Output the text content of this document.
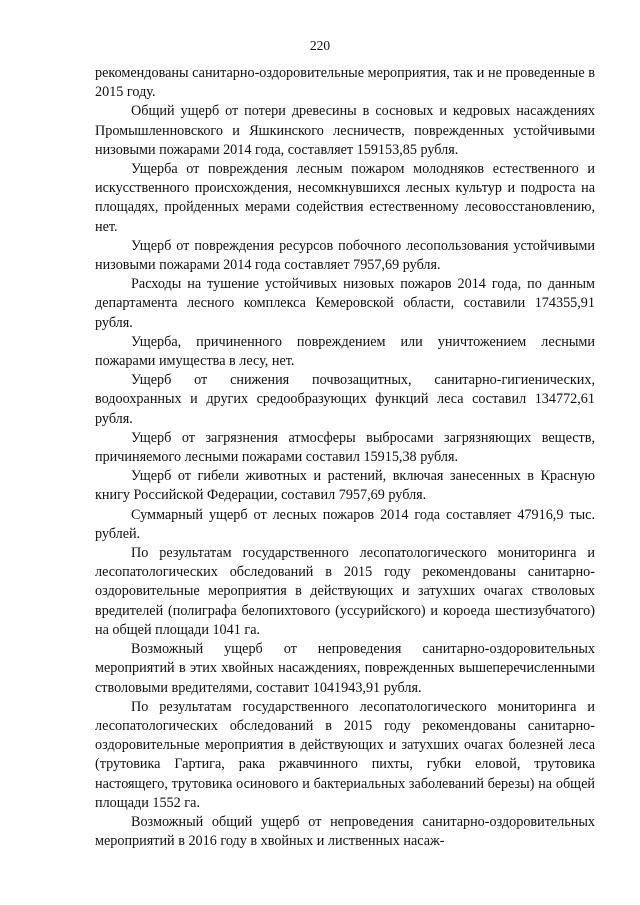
220

рекомендованы санитарно-оздоровительные мероприятия, так и не проведенные в 2015 году.

Общий ущерб от потери древесины в сосновых и кедровых насаждениях Промышленновского и Яшкинского лесничеств, поврежденных устойчивыми низовыми пожарами 2014 года, составляет 159153,85 рубля.

Ущерба от повреждения лесным пожаром молодняков естественного и искусственного происхождения, несомкнувшихся лесных культур и подроста на площадях, пройденных мерами содействия естественному лесовосстановлению, нет.

Ущерб от повреждения ресурсов побочного лесопользования устойчивыми низовыми пожарами 2014 года составляет 7957,69 рубля.

Расходы на тушение устойчивых низовых пожаров 2014 года, по данным департамента лесного комплекса Кемеровской области, составили 174355,91 рубля.

Ущерба, причиненного повреждением или уничтожением лесными пожарами имущества в лесу, нет.

Ущерб от снижения почвозащитных, санитарно-гигиенических, водоохранных и других средообразующих функций леса составил 134772,61 рубля.

Ущерб от загрязнения атмосферы выбросами загрязняющих веществ, причиняемого лесными пожарами составил 15915,38 рубля.

Ущерб от гибели животных и растений, включая занесенных в Красную книгу Российской Федерации, составил 7957,69 рубля.

Суммарный ущерб от лесных пожаров 2014 года составляет 47916,9 тыс. рублей.

По результатам государственного лесопатологического мониторинга и лесопатологических обследований в 2015 году рекомендованы санитарно-оздоровительные мероприятия в действующих и затухших очагах стволовых вредителей (полиграфа белопихтового (уссурийского) и короеда шестизубчатого) на общей площади 1041 га.

Возможный ущерб от непроведения санитарно-оздоровительных мероприятий в этих хвойных насаждениях, поврежденных вышеперечисленными стволовыми вредителями, составит 1041943,91 рубля.

По результатам государственного лесопатологического мониторинга и лесопатологических обследований в 2015 году рекомендованы санитарно-оздоровительные мероприятия в действующих и затухших очагах болезней леса (трутовика Гартига, рака ржавчинного пихты, губки еловой, трутовика настоящего, трутовика осинового и бактериальных заболеваний березы) на общей площади 1552 га.

Возможный общий ущерб от непроведения санитарно-оздоровительных мероприятий в 2016 году в хвойных и лиственных насаж-
